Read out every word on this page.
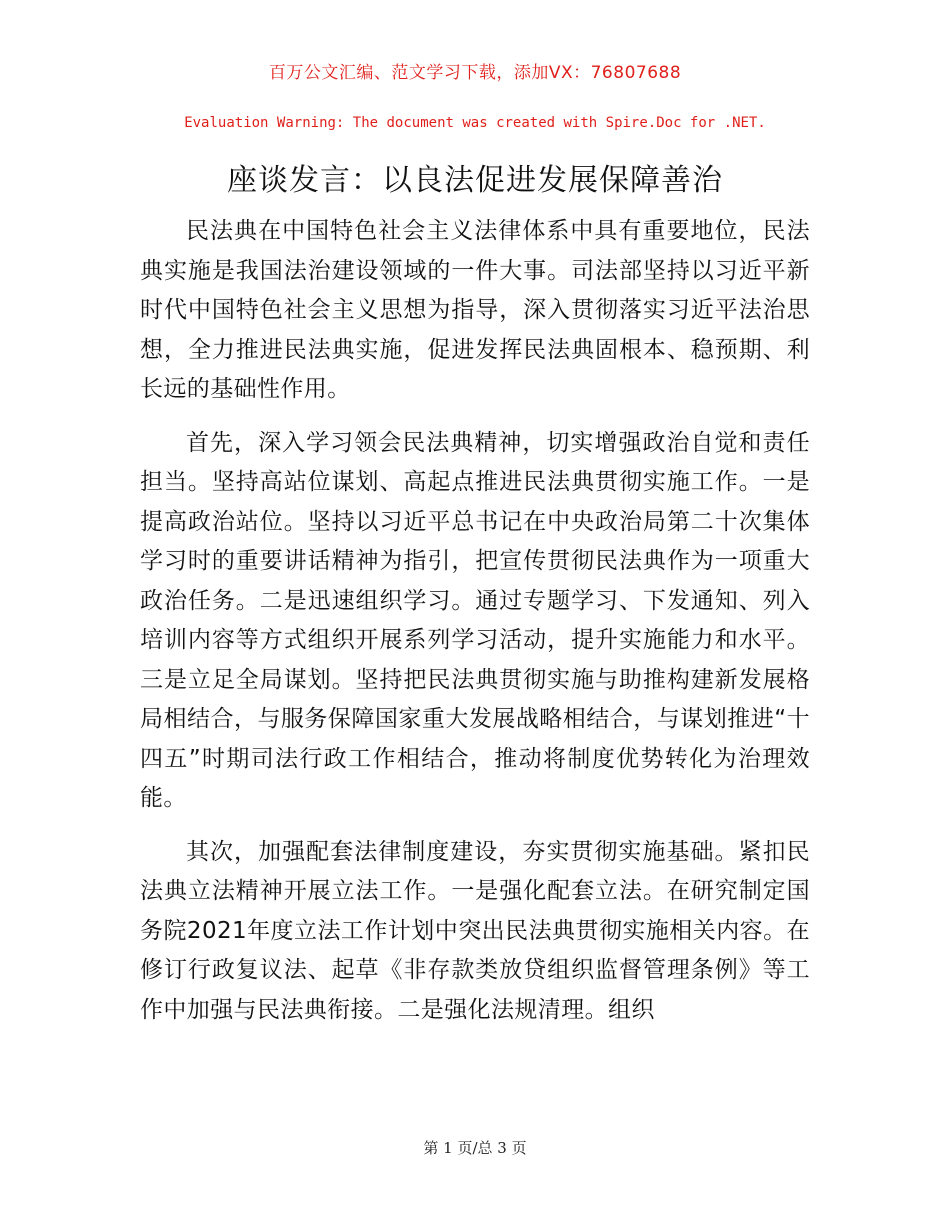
百万公文汇编、范文学习下载，添加VX：76807688
Evaluation Warning: The document was created with Spire.Doc for .NET.
座谈发言：以良法促进发展保障善治

民法典在中国特色社会主义法律体系中具有重要地位，民法典实施是我国法治建设领域的一件大事。司法部坚持以习近平新时代中国特色社会主义思想为指导，深入贯彻落实习近平法治思想，全力推进民法典实施，促进发挥民法典固根本、稳预期、利长远的基础性作用。

首先，深入学习领会民法典精神，切实增强政治自觉和责任担当。坚持高站位谋划、高起点推进民法典贯彻实施工作。一是提高政治站位。坚持以习近平总书记在中央政治局第二十次集体学习时的重要讲话精神为指引，把宣传贯彻民法典作为一项重大政治任务。二是迅速组织学习。通过专题学习、下发通知、列入培训内容等方式组织开展系列学习活动，提升实施能力和水平。三是立足全局谋划。坚持把民法典贯彻实施与助推构建新发展格局相结合，与服务保障国家重大发展战略相结合，与谋划推进“十四五”时期司法行政工作相结合，推动将制度优势转化为治理效能。

其次，加强配套法律制度建设，夯实贯彻实施基础。紧扣民法典立法精神开展立法工作。一是强化配套立法。在研究制定国务院2021年度立法工作计划中突出民法典贯彻实施相关内容。在修订行政复议法、起草《非存款类放贷组织监督管理条例》等工作中加强与民法典衔接。二是强化法规清理。组织

第 1 页/总 3 页
